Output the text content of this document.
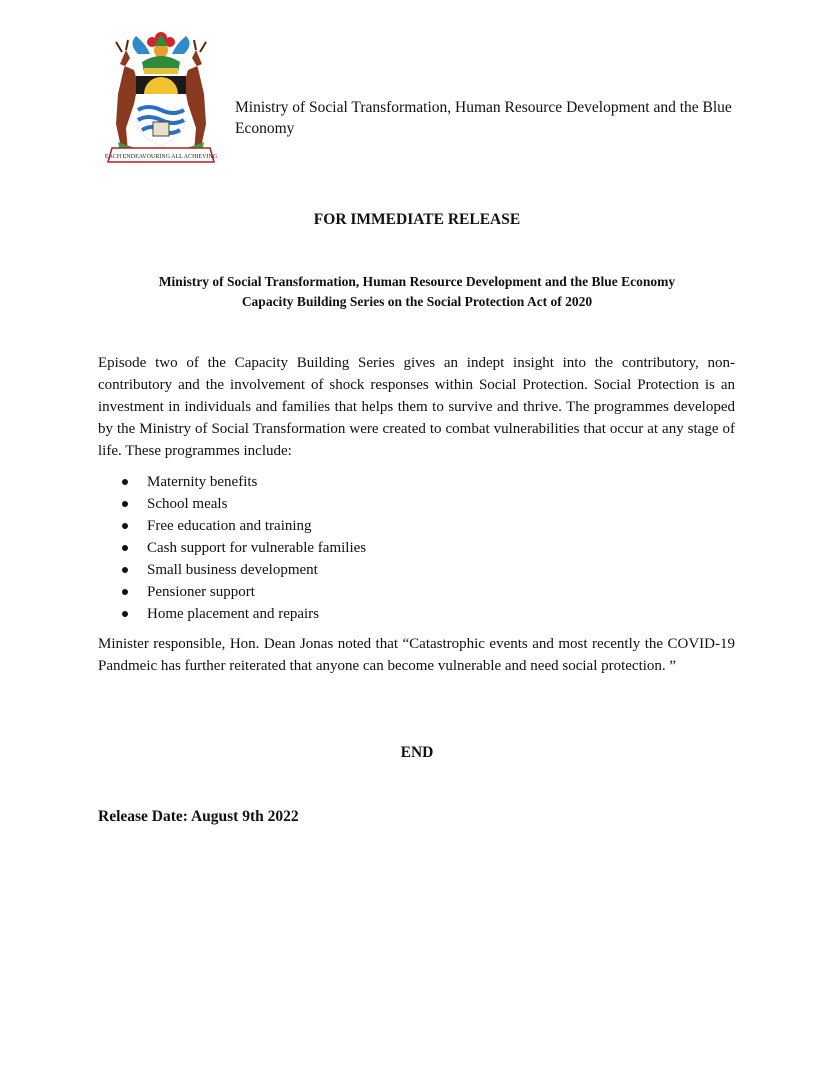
EACH ENDEAVOURING ALL ACHIEVING
Ministry of Social Transformation, Human Resource Development and the Blue Economy
FOR IMMEDIATE RELEASE
Ministry of Social Transformation, Human Resource Development and the Blue Economy
Capacity Building Series on the Social Protection Act of 2020
Episode two of the Capacity Building Series gives an indept insight into the contributory, non-contributory and the involvement of shock responses within Social Protection. Social Protection is an investment in individuals and families that helps them to survive and thrive. The programmes developed by the Ministry of Social Transformation were created to combat vulnerabilities that occur at any stage of life. These programmes include:
Maternity benefits
School meals
Free education and training
Cash support for vulnerable families
Small business development
Pensioner support
Home placement and repairs
Minister responsible, Hon. Dean Jonas noted that “Catastrophic events and most recently the COVID-19 Pandmeic has further reiterated that anyone can become vulnerable and need social protection. ”
END
Release Date: August 9th 2022
